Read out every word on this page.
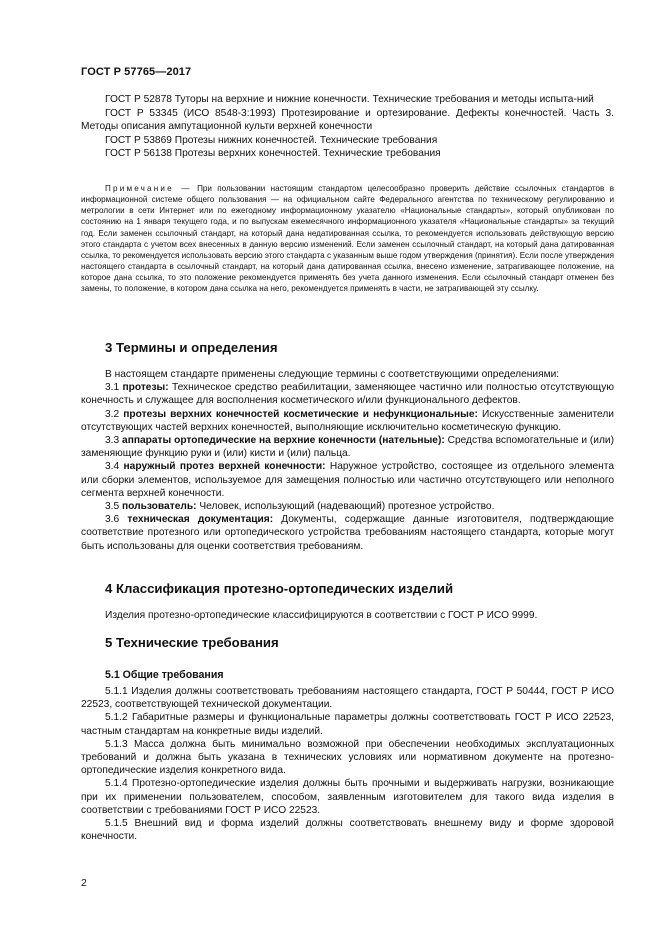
ГОСТ Р 57765—2017

ГОСТ Р 52878 Туторы на верхние и нижние конечности. Технические требования и методы испыта-ний

ГОСТ Р 53345 (ИСО 8548-3:1993) Протезирование и ортезирование. Дефекты конечностей. Часть 3. Методы описания ампутационной культи верхней конечности

ГОСТ Р 53869 Протезы нижних конечностей. Технические требования

ГОСТ Р 56138 Протезы верхних конечностей. Технические требования

Примечание — При пользовании настоящим стандартом целесообразно проверить действие ссылочных стандартов в информационной системе общего пользования — на официальном сайте Федерального агентства по техническому регулированию и метрологии в сети Интернет или по ежегодному информационному указателю «Национальные стандарты», который опубликован по состоянию на 1 января текущего года, и по выпускам ежемесячного информационного указателя «Национальные стандарты» за текущий год. Если заменен ссылочный стандарт, на который дана недатированная ссылка, то рекомендуется использовать действующую версию этого стандарта с учетом всех внесенных в данную версию изменений. Если заменен ссылочный стандарт, на который дана датированная ссылка, то рекомендуется использовать версию этого стандарта с указанным выше годом утверждения (принятия). Если после утверждения настоящего стандарта в ссылочный стандарт, на который дана датированная ссылка, внесено изменение, затрагивающее положение, на которое дана ссылка, то это положение рекомендуется применять без учета данного изменения. Если ссылочный стандарт отменен без замены, то положение, в котором дана ссылка на него, рекомендуется применять в части, не затрагивающей эту ссылку.

3 Термины и определения

В настоящем стандарте применены следующие термины с соответствующими определениями:

3.1 протезы: Техническое средство реабилитации, заменяющее частично или полностью отсутствующую конечность и служащее для восполнения косметического и/или функционального дефектов.

3.2 протезы верхних конечностей косметические и нефункциональные: Искусственные заменители отсутствующих частей верхних конечностей, выполняющие исключительно косметическую функцию.

3.3 аппараты ортопедические на верхние конечности (нательные): Средства вспомогательные и (или) заменяющие функцию руки и (или) кисти и (или) пальца.

3.4 наружный протез верхней конечности: Наружное устройство, состоящее из отдельного элемента или сборки элементов, используемое для замещения полностью или частично отсутствующего или неполного сегмента верхней конечности.

3.5 пользователь: Человек, использующий (надевающий) протезное устройство.

3.6 техническая документация: Документы, содержащие данные изготовителя, подтверждающие соответствие протезного или ортопедического устройства требованиям настоящего стандарта, которые могут быть использованы для оценки соответствия требованиям.

4 Классификация протезно-ортопедических изделий

Изделия протезно-ортопедические классифицируются в соответствии с ГОСТ Р ИСО 9999.

5 Технические требования
5.1 Общие требования

5.1.1 Изделия должны соответствовать требованиям настоящего стандарта, ГОСТ Р 50444, ГОСТ Р ИСО 22523, соответствующей технической документации.

5.1.2 Габаритные размеры и функциональные параметры должны соответствовать ГОСТ Р ИСО 22523, частным стандартам на конкретные виды изделий.

5.1.3 Масса должна быть минимально возможной при обеспечении необходимых эксплуатационных требований и должна быть указана в технических условиях или нормативном документе на протезно-ортопедические изделия конкретного вида.

5.1.4 Протезно-ортопедические изделия должны быть прочными и выдерживать нагрузки, возникающие при их применении пользователем, способом, заявленным изготовителем для такого вида изделия в соответствии с требованиями ГОСТ Р ИСО 22523.

5.1.5 Внешний вид и форма изделий должны соответствовать внешнему виду и форме здоровой конечности.

2
